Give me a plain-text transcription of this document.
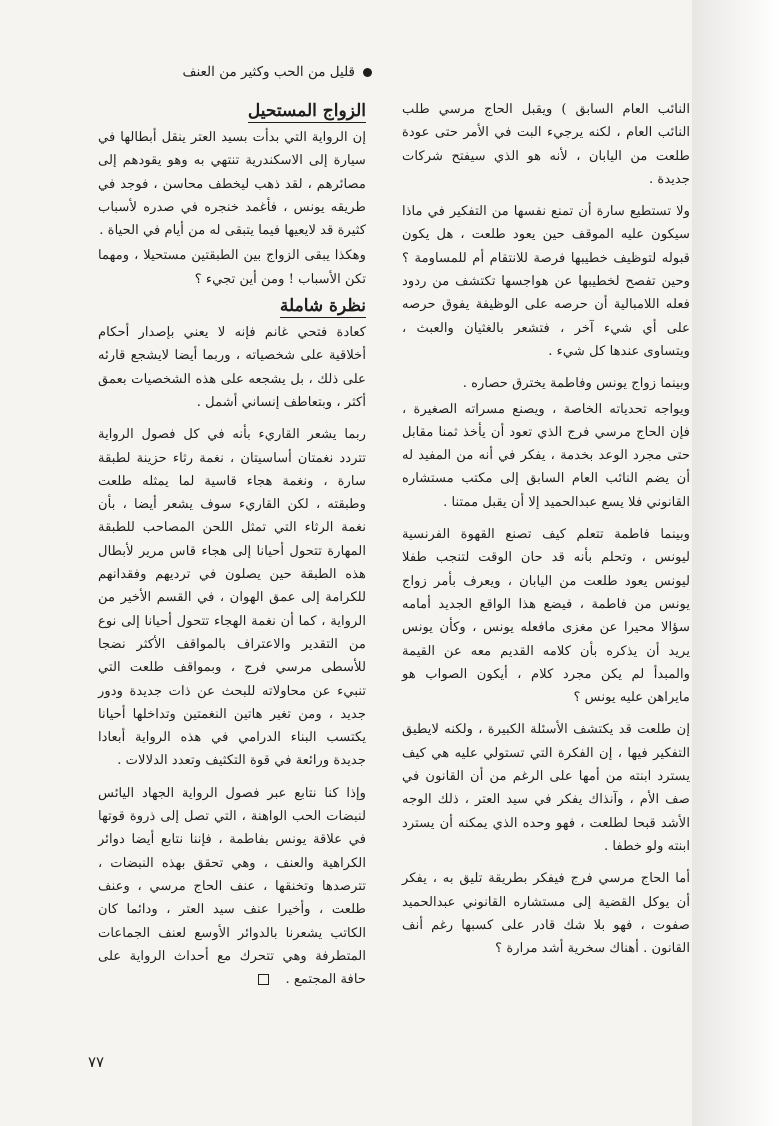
قليل من الحب وكثير من العنف

النائب العام السابق ) ويقبل الحاج مرسي طلب النائب العام ، لكنه يرجيء البت في الأمر حتى عودة طلعت من اليابان ، لأنه هو الذي سيفتح شركات جديدة .

ولا تستطيع سارة أن تمنع نفسها من التفكير في ماذا سيكون عليه الموقف حين يعود طلعت ، هل يكون قبوله لتوظيف خطيبها فرصة للانتقام أم للمساومة ؟ وحين تفصح لخطيبها عن هواجسها تكتشف من ردود فعله اللامبالية أن حرصه على الوظيفة يفوق حرصه على أي شيء آخر ، فتشعر بالغثيان والعبث ، ويتساوى عندها كل شيء .

وبينما زواج يونس وفاطمة يخترق حصاره .

ويواجه تحدياته الخاصة ، ويصنع مسراته الصغيرة ، فإن الحاج مرسي فرج الذي تعود أن يأخذ ثمنا مقابل حتى مجرد الوعد بخدمة ، يفكر في أنه من المفيد له أن يضم النائب العام السابق إلى مكتب مستشاره القانوني فلا يسع عبدالحميد إلا أن يقبل ممتنا .

وبينما فاطمة تتعلم كيف تصنع القهوة الفرنسية ليونس ، وتحلم بأنه قد حان الوقت لتنجب طفلا ليونس يعود طلعت من اليابان ، ويعرف بأمر زواج يونس من فاطمة ، فيضع هذا الواقع الجديد أمامه سؤالا محيرا عن مغزى مافعله يونس ، وكأن يونس يريد أن يذكره بأن كلامه القديم معه عن القيمة والمبدأ لم يكن مجرد كلام ، أيكون الصواب هو مايراهن عليه يونس ؟

إن طلعت قد يكتشف الأسئلة الكبيرة ، ولكنه لايطيق التفكير فيها ، إن الفكرة التي تستولي عليه هي كيف يسترد ابنته من أمها على الرغم من أن القانون في صف الأم ، وآنذاك يفكر في سيد العتر ، ذلك الوجه الأشد قبحا لطلعت ، فهو وحده الذي يمكنه أن يسترد ابنته ولو خطفا .

أما الحاج مرسي فرج فيفكر بطريقة تليق به ، يفكر أن يوكل القضية إلى مستشاره القانوني عبدالحميد صفوت ، فهو بلا شك قادر على كسبها رغم أنف القانون . أهناك سخرية أشد مرارة ؟

الزواج المستحيل

إن الرواية التي بدأت بسيد العتر ينقل أبطالها في سيارة إلى الاسكندرية تنتهي به وهو يقودهم إلى مصائرهم ، لقد ذهب ليخطف محاسن ، فوجد في طريقه يونس ، فأغمد خنجره في صدره لأسباب كثيرة قد لايعيها فيما يتبقى له من أيام في الحياة .

وهكذا يبقى الزواج بين الطبقتين مستحيلا ، ومهما تكن الأسباب ! ومن أين تجيء ؟

نظرة شاملة

كعادة فتحي غانم فإنه لا يعني بإصدار أحكام أخلاقية على شخصياته ، وربما أيضا لايشجع قارئه على ذلك ، بل يشجعه على هذه الشخصيات بعمق أكثر ، وبتعاطف إنساني أشمل .

ربما يشعر القاريء بأنه في كل فصول الرواية تتردد نغمتان أساسيتان ، نغمة رثاء حزينة لطبقة سارة ، ونغمة هجاء قاسية لما يمثله طلعت وطبقته ، لكن القاريء سوف يشعر أيضا ، بأن نغمة الرثاء التي تمثل اللحن المصاحب للطبقة المهارة تتحول أحيانا إلى هجاء قاس مرير لأبطال هذه الطبقة حين يصلون في ترديهم وفقدانهم للكرامة إلى عمق الهوان ، في القسم الأخير من الرواية ، كما أن نغمة الهجاء تتحول أحيانا إلى نوع من التقدير والاعتراف بالمواقف الأكثر نضجا للأسطى مرسي فرج ، وبمواقف طلعت التي تنبيء عن محاولاته للبحث عن ذات جديدة ودور جديد ، ومن تغير هاتين النغمتين وتداخلها أحيانا يكتسب البناء الدرامي في هذه الرواية أبعادا جديدة ورائعة في قوة التكثيف وتعدد الدلالات .

وإذا كنا نتابع عبر فصول الرواية الجهاد اليائس لنبضات الحب الواهنة ، التي تصل إلى ذروة قوتها في علاقة يونس بفاطمة ، فإننا نتابع أيضا دوائر الكراهية والعنف ، وهي تحقق بهذه النبضات ، تترصدها وتخنقها ، عنف الحاج مرسي ، وعنف طلعت ، وأخيرا عنف سيد العتر ، ودائما كان الكاتب يشعرنا بالدوائر الأوسع لعنف الجماعات المتطرفة وهي تتحرك مع أحداث الرواية على حافة المجتمع .

٧٧
